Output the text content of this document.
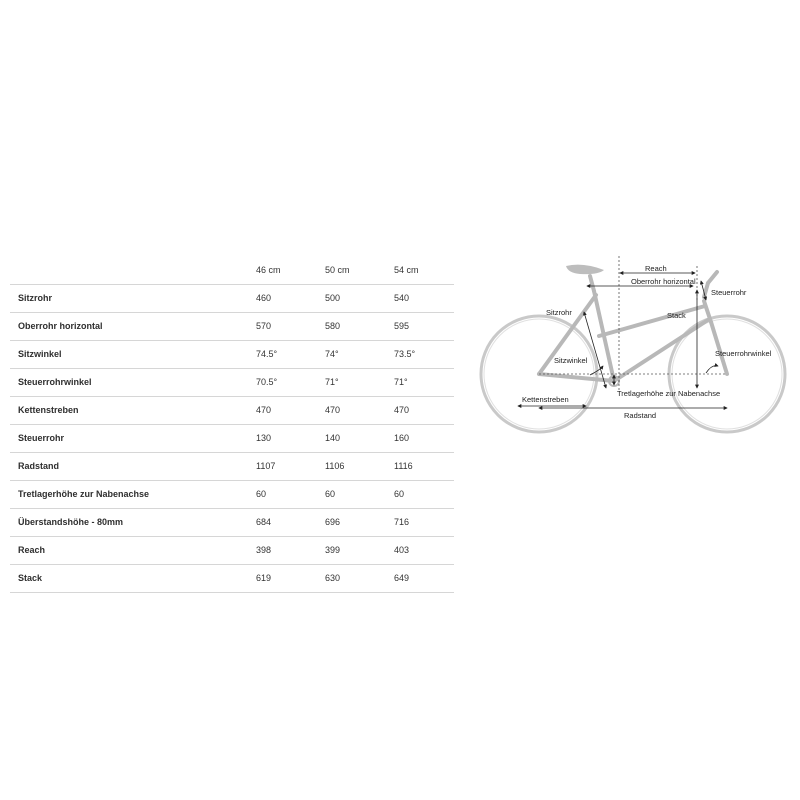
	46 cm	50 cm	54 cm
Sitzrohr	460	500	540
Oberrohr horizontal	570	580	595
Sitzwinkel	74.5°	74°	73.5°
Steuerrohrwinkel	70.5°	71°	71°
Kettenstreben	470	470	470
Steuerrohr	130	140	160
Radstand	1107	1106	1116
Tretlagerhöhe zur Nabenachse	60	60	60
Überstandshöhe - 80mm	684	696	716
Reach	398	399	403
Stack	619	630	649
Reach
Oberrohr horizontal
Steuerrohr
Sitzrohr	Stack
Sitzwinkel
Steuerrohrwinkel
Tretlagerhöhe zur Nabenachse
Kettenstreben
Radstand
